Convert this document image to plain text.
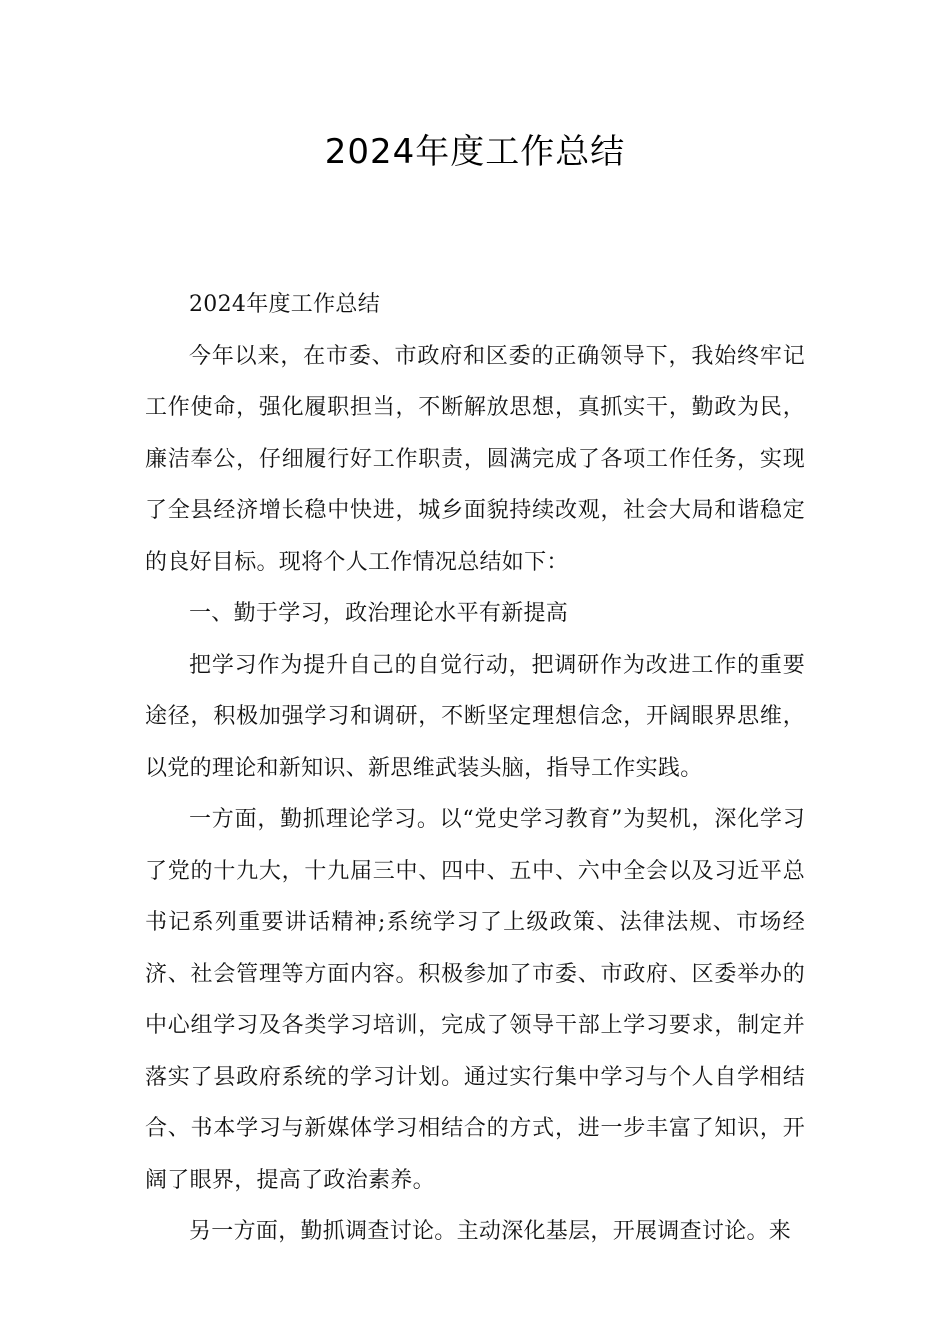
2024年度工作总结

2024年度工作总结

今年以来，在市委、市政府和区委的正确领导下，我始终牢记工作使命，强化履职担当，不断解放思想，真抓实干，勤政为民，廉洁奉公，仔细履行好工作职责，圆满完成了各项工作任务，实现了全县经济增长稳中快进，城乡面貌持续改观，社会大局和谐稳定的良好目标。现将个人工作情况总结如下：

一、勤于学习，政治理论水平有新提高

把学习作为提升自己的自觉行动，把调研作为改进工作的重要途径，积极加强学习和调研，不断坚定理想信念，开阔眼界思维，以党的理论和新知识、新思维武装头脑，指导工作实践。

一方面，勤抓理论学习。以“党史学习教育”为契机，深化学习了党的十九大，十九届三中、四中、五中、六中全会以及习近平总书记系列重要讲话精神;系统学习了上级政策、法律法规、市场经济、社会管理等方面内容。积极参加了市委、市政府、区委举办的中心组学习及各类学习培训，完成了领导干部上学习要求，制定并落实了县政府系统的学习计划。通过实行集中学习与个人自学相结合、书本学习与新媒体学习相结合的方式，进一步丰富了知识，开阔了眼界，提高了政治素养。

另一方面，勤抓调查讨论。主动深化基层，开展调查讨论。来
